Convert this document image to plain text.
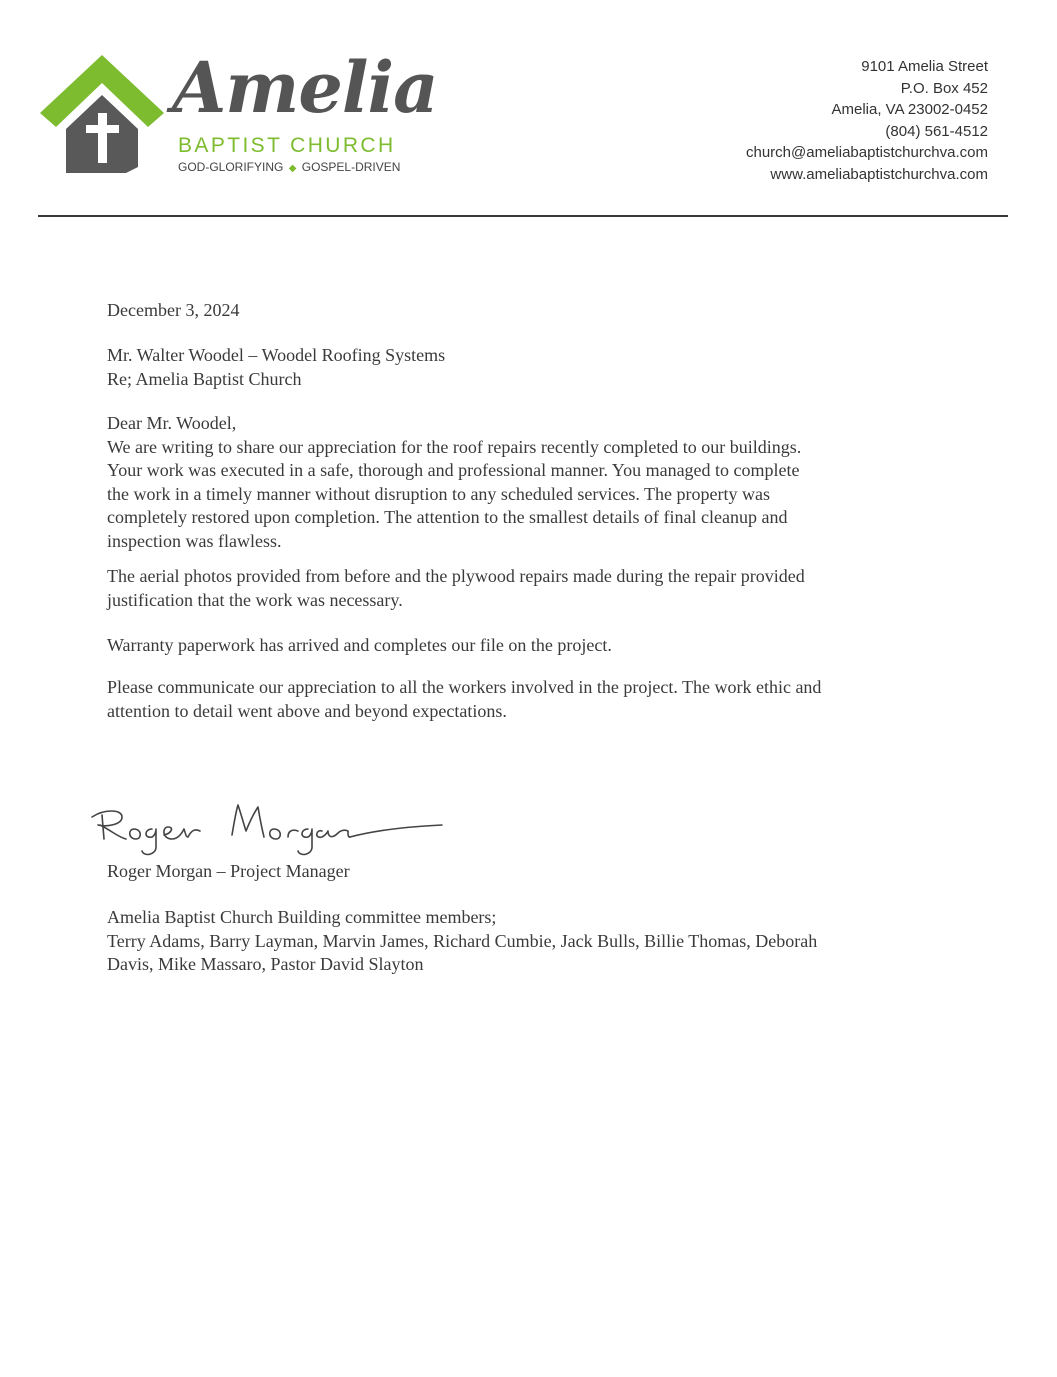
Amelia
BAPTIST CHURCH
GOD-GLORIFYING ◆ GOSPEL-DRIVEN
9101 Amelia Street
P.O. Box 452
Amelia, VA 23002-0452
(804) 561-4512
church@ameliabaptistchurchva.com
www.ameliabaptistchurchva.com
December 3, 2024
Mr. Walter Woodel – Woodel Roofing Systems
Re; Amelia Baptist Church
Dear Mr. Woodel,
We are writing to share our appreciation for the roof repairs recently completed to our buildings.
Your work was executed in a safe, thorough and professional manner. You managed to complete
the work in a timely manner without disruption to any scheduled services. The property was
completely restored upon completion. The attention to the smallest details of final cleanup and
inspection was flawless.
The aerial photos provided from before and the plywood repairs made during the repair provided
justification that the work was necessary.
Warranty paperwork has arrived and completes our file on the project.
Please communicate our appreciation to all the workers involved in the project. The work ethic and
attention to detail went above and beyond expectations.
Roger Morgan – Project Manager
Amelia Baptist Church Building committee members;
Terry Adams, Barry Layman, Marvin James, Richard Cumbie, Jack Bulls, Billie Thomas, Deborah
Davis, Mike Massaro, Pastor David Slayton
